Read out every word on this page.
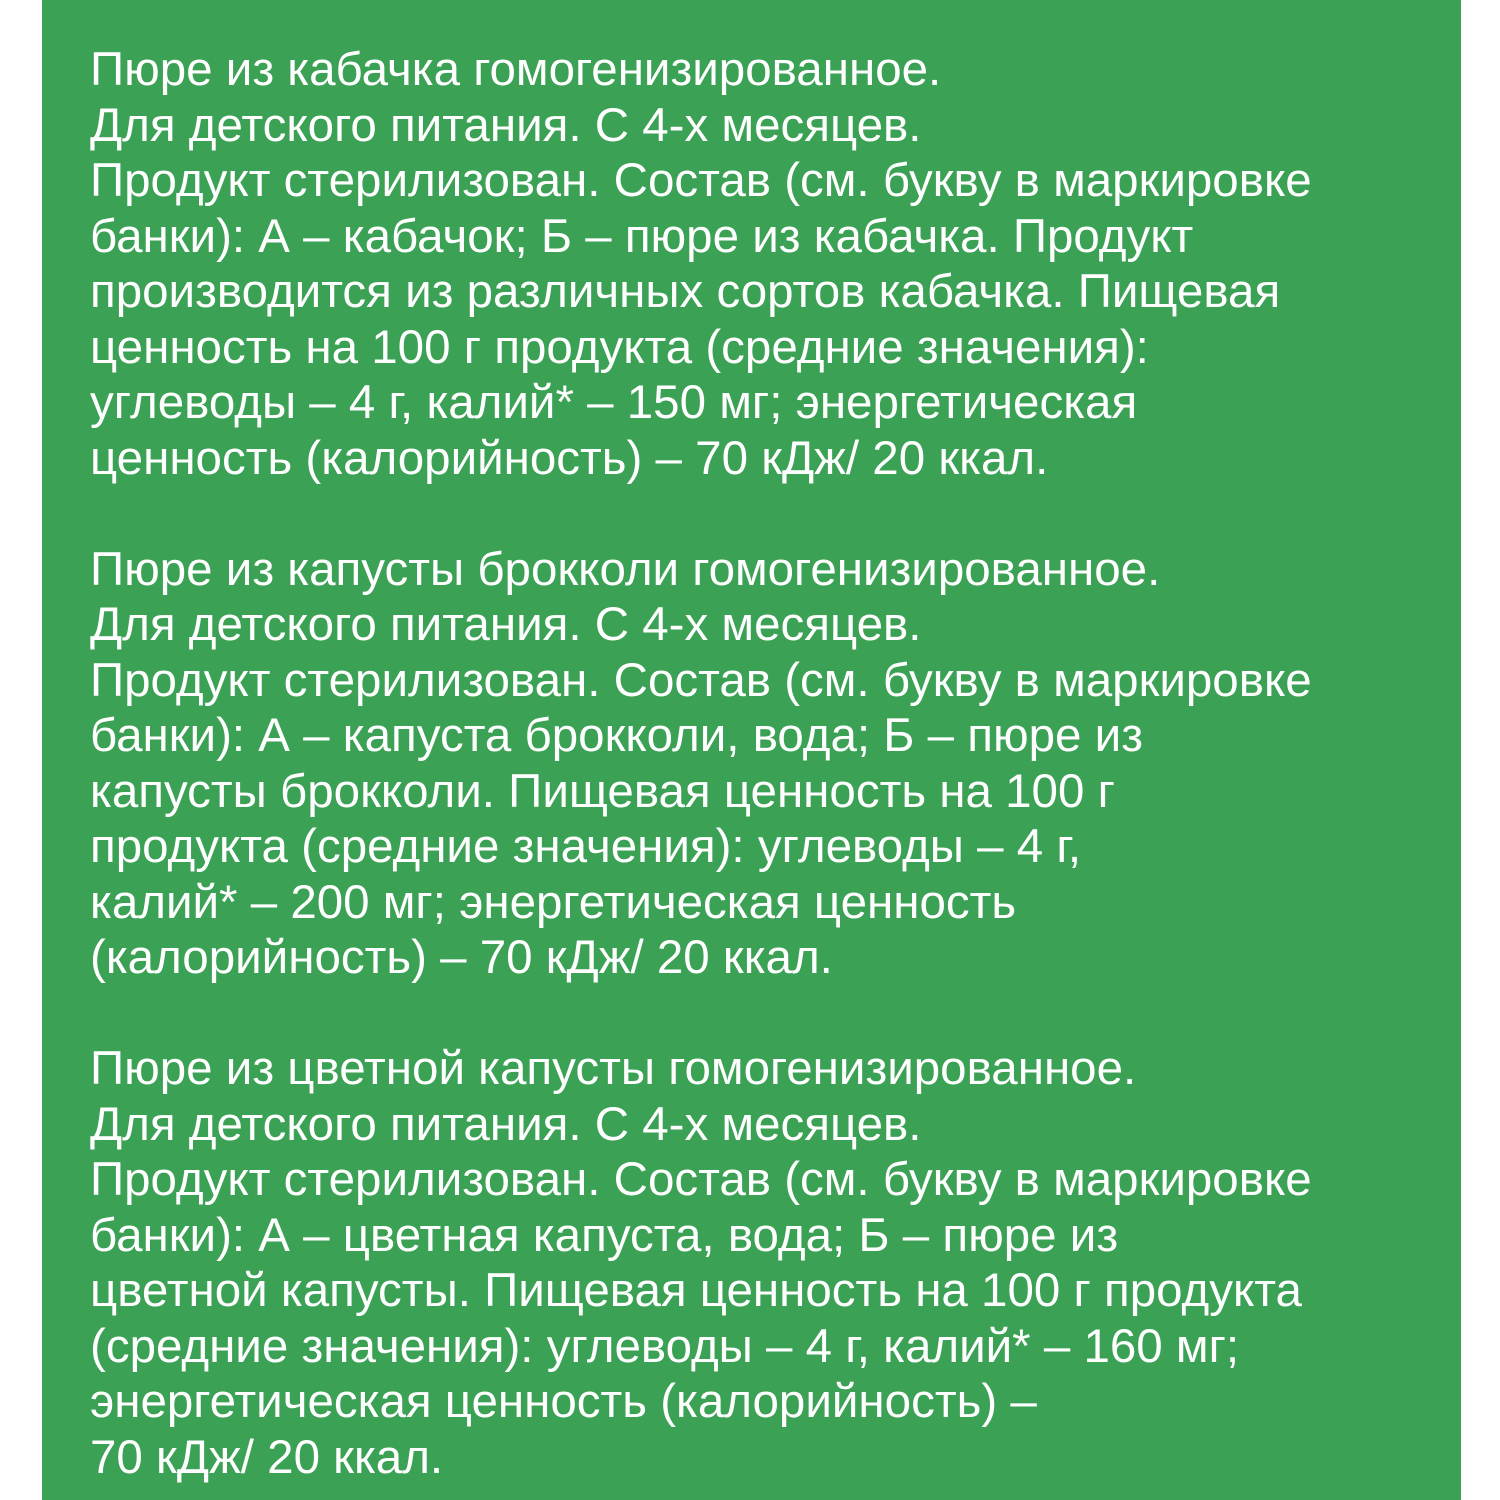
Пюре из кабачка гомогенизированное.
Для детского питания. С 4-х месяцев.
Продукт стерилизован. Состав (см. букву в маркировке
банки): А – кабачок; Б – пюре из кабачка. Продукт
производится из различных сортов кабачка. Пищевая
ценность на 100 г продукта (средние значения):
углеводы – 4 г, калий* – 150 мг; энергетическая
ценность (калорийность) – 70 кДж/ 20 ккал.
Пюре из капусты брокколи гомогенизированное.
Для детского питания. С 4-х месяцев.
Продукт стерилизован. Состав (см. букву в маркировке
банки): А – капуста брокколи, вода; Б – пюре из
капусты брокколи. Пищевая ценность на 100 г
продукта (средние значения): углеводы – 4 г,
калий* – 200 мг; энергетическая ценность
(калорийность) – 70 кДж/ 20 ккал.
Пюре из цветной капусты гомогенизированное.
Для детского питания. С 4-х месяцев.
Продукт стерилизован. Состав (см. букву в маркировке
банки): А – цветная капуста, вода; Б – пюре из
цветной капусты. Пищевая ценность на 100 г продукта
(средние значения): углеводы – 4 г, калий* – 160 мг;
энергетическая ценность (калорийность) –
70 кДж/ 20 ккал.
